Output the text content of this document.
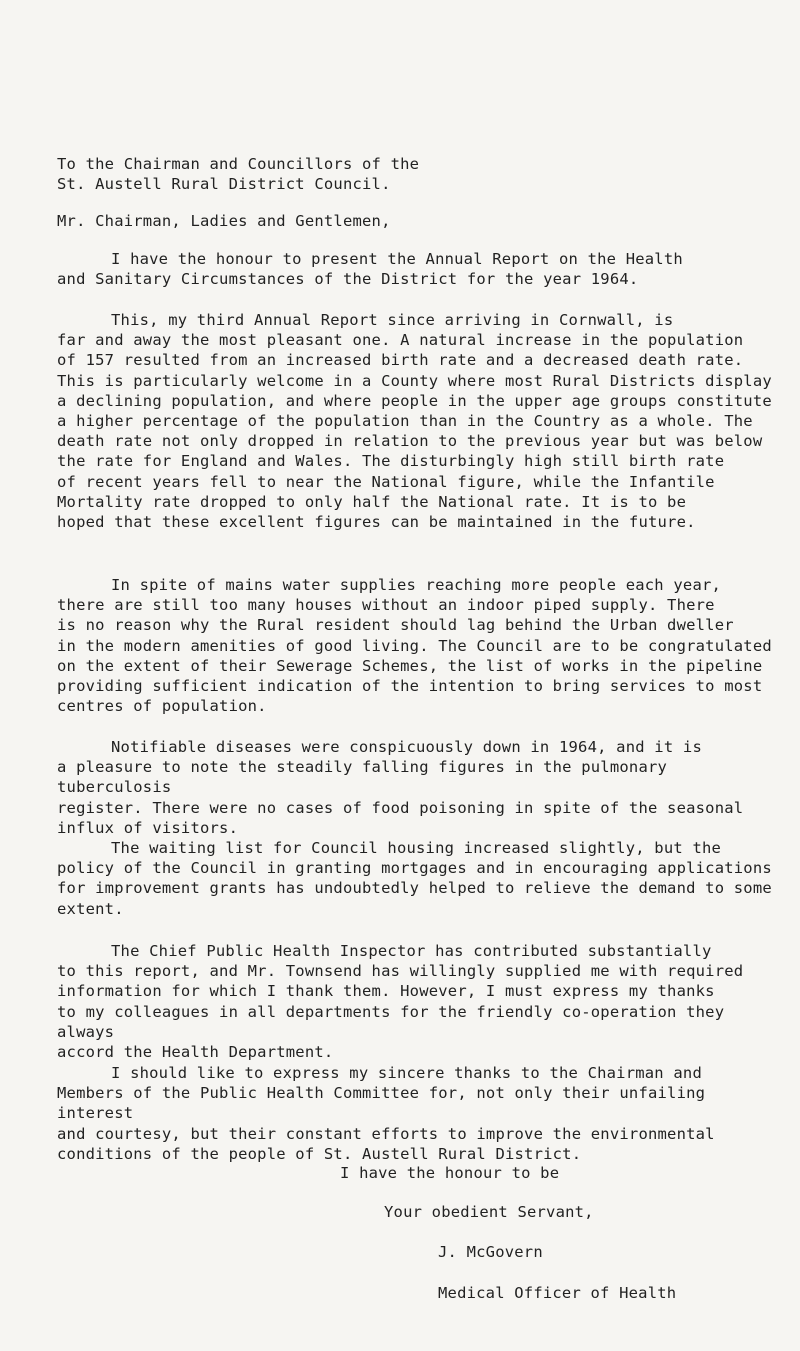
To the Chairman and Councillors of the
St. Austell Rural District Council.
Mr. Chairman, Ladies and Gentlemen,
I have the honour to present the Annual Report on the Health
and Sanitary Circumstances of the District for the year 1964.
This, my third Annual Report since arriving in Cornwall, is
far and away the most pleasant one. A natural increase in the population
of 157 resulted from an increased birth rate and a decreased death rate.
This is particularly welcome in a County where most Rural Districts display
a declining population, and where people in the upper age groups constitute
a higher percentage of the population than in the Country as a whole. The
death rate not only dropped in relation to the previous year but was below
the rate for England and Wales. The disturbingly high still birth rate
of recent years fell to near the National figure, while the Infantile
Mortality rate dropped to only half the National rate. It is to be
hoped that these excellent figures can be maintained in the future.
In spite of mains water supplies reaching more people each year,
there are still too many houses without an indoor piped supply. There
is no reason why the Rural resident should lag behind the Urban dweller
in the modern amenities of good living. The Council are to be congratulated
on the extent of their Sewerage Schemes, the list of works in the pipeline
providing sufficient indication of the intention to bring services to most
centres of population.
Notifiable diseases were conspicuously down in 1964, and it is
a pleasure to note the steadily falling figures in the pulmonary tuberculosis
register. There were no cases of food poisoning in spite of the seasonal
influx of visitors.
The waiting list for Council housing increased slightly, but the
policy of the Council in granting mortgages and in encouraging applications
for improvement grants has undoubtedly helped to relieve the demand to some
extent.
The Chief Public Health Inspector has contributed substantially
to this report, and Mr. Townsend has willingly supplied me with required
information for which I thank them. However, I must express my thanks
to my colleagues in all departments for the friendly co-operation they always
accord the Health Department.
I should like to express my sincere thanks to the Chairman and
Members of the Public Health Committee for, not only their unfailing interest
and courtesy, but their constant efforts to improve the environmental
conditions of the people of St. Austell Rural District.
I have the honour to be
Your obedient Servant,
J. McGovern
Medical Officer of Health
